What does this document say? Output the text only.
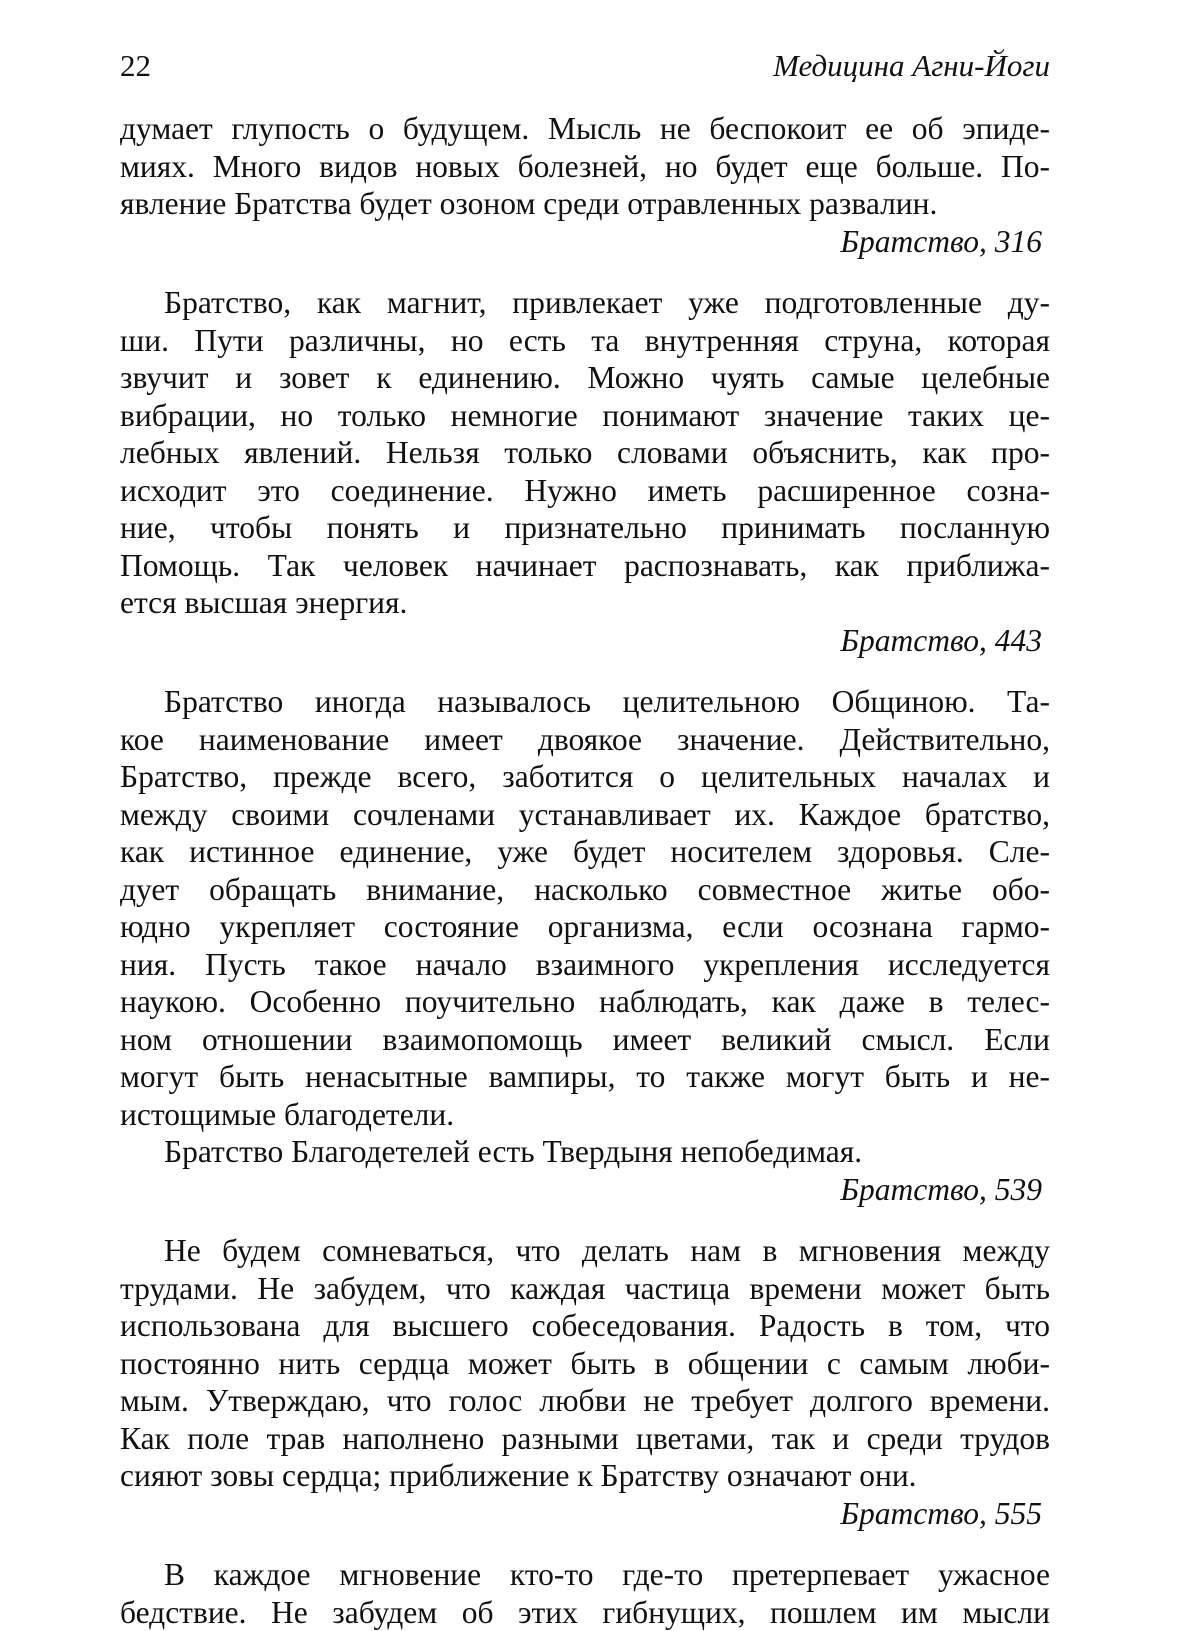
22	Медицина Агни-Йоги
думает глупость о будущем. Мысль не беспокоит ее об эпиде-
миях. Много видов новых болезней, но будет еще больше. По-
явление Братства будет озоном среди отравленных развалин.
Братство, 316
Братство, как магнит, привлекает уже подготовленные ду-
ши. Пути различны, но есть та внутренняя струна, которая
звучит и зовет к единению. Можно чуять самые целебные
вибрации, но только немногие понимают значение таких це-
лебных явлений. Нельзя только словами объяснить, как про-
исходит это соединение. Нужно иметь расширенное созна-
ние, чтобы понять и признательно принимать посланную
Помощь. Так человек начинает распознавать, как приближа-
ется высшая энергия.
Братство, 443
Братство иногда называлось целительною Общиною. Та-
кое наименование имеет двоякое значение. Действительно,
Братство, прежде всего, заботится о целительных началах и
между своими сочленами устанавливает их. Каждое братство,
как истинное единение, уже будет носителем здоровья. Сле-
дует обращать внимание, насколько совместное житье обо-
юдно укрепляет состояние организма, если осознана гармо-
ния. Пусть такое начало взаимного укрепления исследуется
наукою. Особенно поучительно наблюдать, как даже в телес-
ном отношении взаимопомощь имеет великий смысл. Если
могут быть ненасытные вампиры, то также могут быть и не-
истощимые благодетели.
Братство Благодетелей есть Твердыня непобедимая.
Братство, 539
Не будем сомневаться, что делать нам в мгновения между
трудами. Не забудем, что каждая частица времени может быть
использована для высшего собеседования. Радость в том, что
постоянно нить сердца может быть в общении с самым люби-
мым. Утверждаю, что голос любви не требует долгого времени.
Как поле трав наполнено разными цветами, так и среди трудов
сияют зовы сердца; приближение к Братству означают они.
Братство, 555
В каждое мгновение кто-то где-то претерпевает ужасное
бедствие. Не забудем об этих гибнущих, пошлем им мысли
